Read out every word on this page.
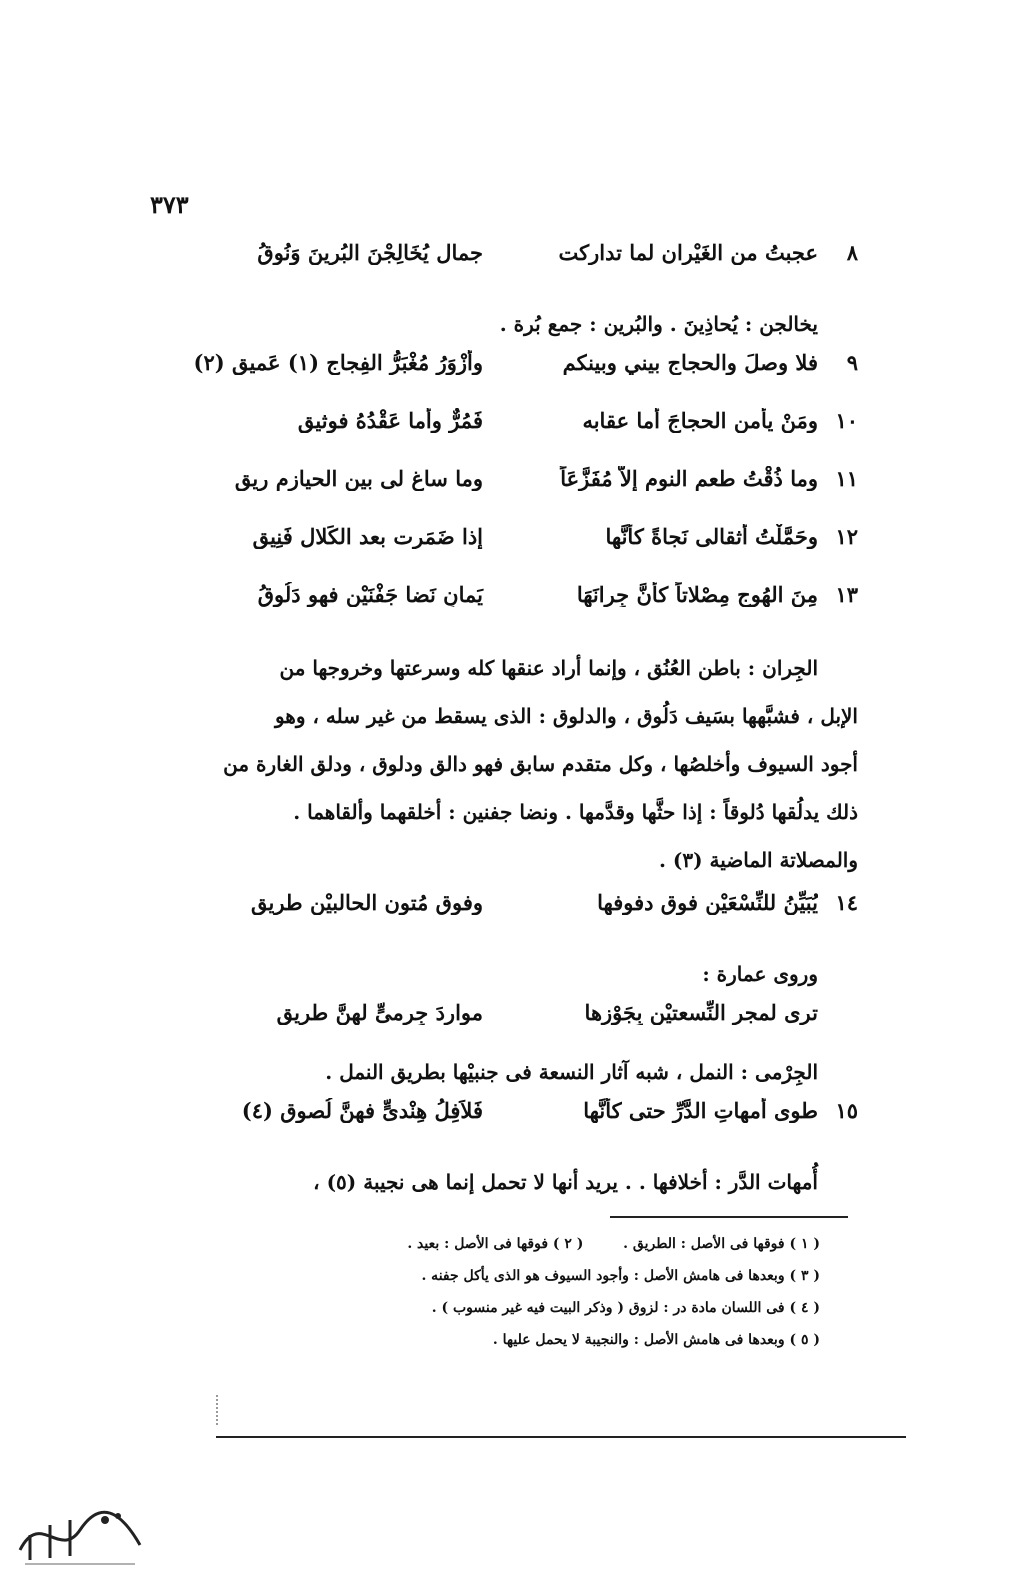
٣٧٣
٨
عجبتُ من الغَيْران لما تداركت
جمال يُخَالِجْنَ البُرينَ وَنُوقُ
يخالجن : يُحاذِينَ . والبُرين : جمع بُرة .
٩
فلا وصلَ والحجاج بيني وبينكم
وأزْوَرُ مُغْبَرُّ الفِجاج (١) عَميق (٢)
١٠
ومَنْ يأمن الحجاجَ أما عقابه
فَمُرٌّ وأما عَقْدُهُ فوثيق
١١
وما ذُقْتُ طعم النوم إلاَّ مُفَزَّعَاً
وما ساغ لى بين الحيازم ريق
١٢
وحَمَّلْتُ أثقالى نَجاةً كأنَّها
إذا ضَمَرت بعد الكَلال فَنِيق
١٣
مِنَ الهُوجِ مِصْلاتاً كأنَّ جِرانَهَا
يَمانٍ نَضا جَفْنَيْنِ فهو دَلُوقُ
الجِران : باطن العُنُق ، وإنما أراد عنقها كله وسرعتها وخروجها من
الإبل ، فشبَّهها بسَيف دَلُوق ، والدلوق : الذى يسقط من غير سله ، وهو
أجود السيوف وأخلصُها ، وكل متقدم سابق فهو دالق ودلوق ، ودلق الغارة من
ذلك يدلُقها دُلوقاً : إذا حثَّها وقدَّمها . ونضا جفنين : أخلقهما وألقاهما .
والمصلاتة الماضية (٣) .
١٤
يُبَيِّنُ للنِّسْعَيْنِ فوق دفوفها
وفوق مُتون الحالبيْن طريق
وروى عمارة :
ترى لمجر النِّسعتيْن بِجَوْزِها
مواردَ جِرمىٍّ لهنَّ طريق
الجِرْمى : النمل ، شبه آثار النسعة فى جنبيْها بطريق النمل .
١٥
طوى أمهاتِ الدَّرِّ حتى كأنَّها
فَلاَفِلُ هِنْدىٍّ فهنَّ لُصوق (٤)
أُمهات الدَّر : أخلافها . . يريد أنها لا تحمل إنما هى نجيبة (٥) ،
( ١ ) فوقها فى الأصل : الطريق .  ( ٢ ) فوقها فى الأصل : بعيد .
( ٣ ) وبعدها فى هامش الأصل : وأجود السيوف هو الذى يأكل جفنه .
( ٤ ) فى اللسان مادة در : لزوق ( وذكر البيت فيه غير منسوب ) .
( ٥ ) وبعدها فى هامش الأصل : والنجيبة لا يحمل عليها .
